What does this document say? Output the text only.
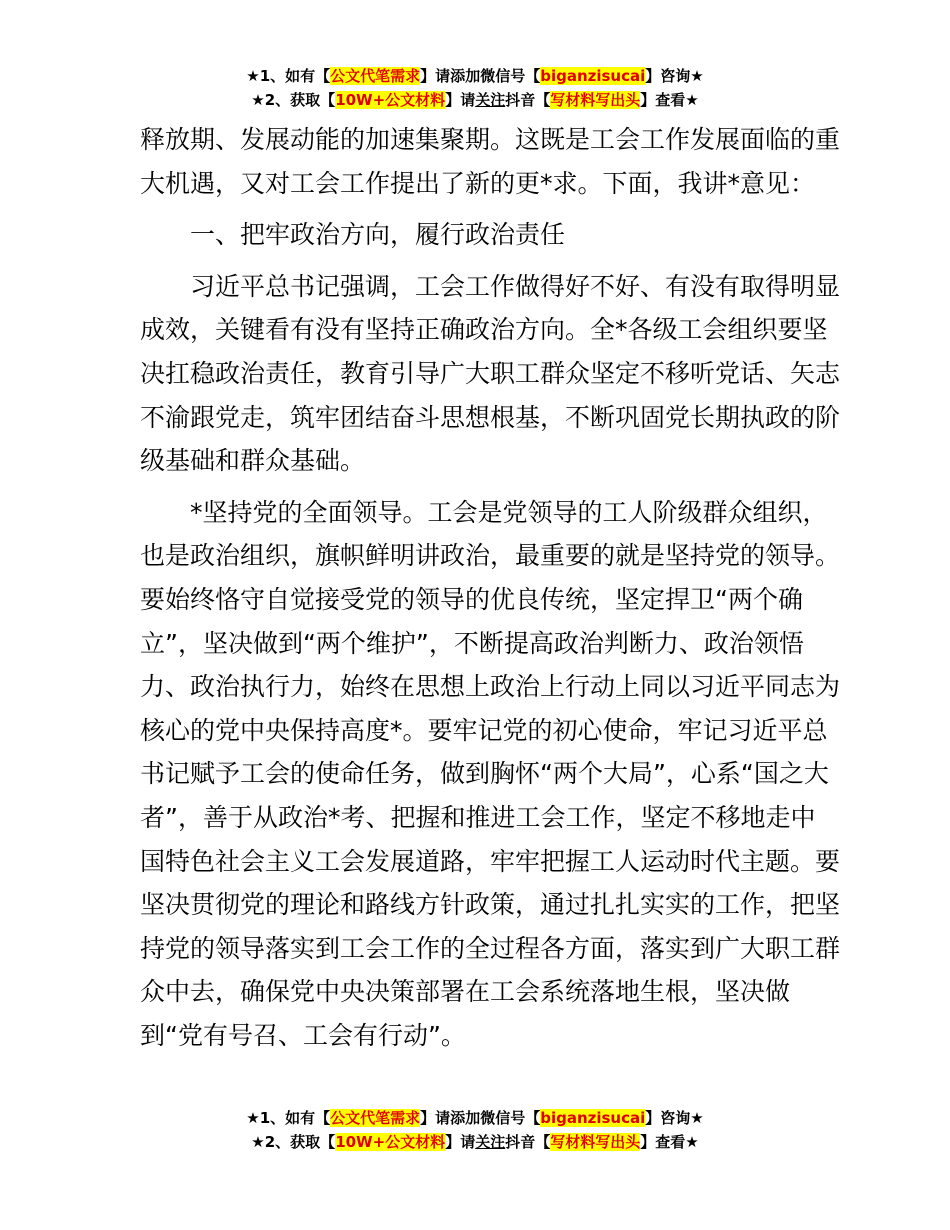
★1、如有【公文代笔需求】请添加微信号【biganzisucai】咨询★
★2、获取【10W+公文材料】请关注抖音【写材料写出头】查看★

释放期、发展动能的加速集聚期。这既是工会工作发展面临的重大机遇，又对工会工作提出了新的更*求。下面，我讲*意见：

一、把牢政治方向，履行政治责任

习近平总书记强调，工会工作做得好不好、有没有取得明显成效，关键看有没有坚持正确政治方向。全*各级工会组织要坚决扛稳政治责任，教育引导广大职工群众坚定不移听党话、矢志不渝跟党走，筑牢团结奋斗思想根基，不断巩固党长期执政的阶级基础和群众基础。

*坚持党的全面领导。工会是党领导的工人阶级群众组织，也是政治组织，旗帜鲜明讲政治，最重要的就是坚持党的领导。要始终恪守自觉接受党的领导的优良传统，坚定捍卫“两个确立”，坚决做到“两个维护”，不断提高政治判断力、政治领悟力、政治执行力，始终在思想上政治上行动上同以习近平同志为核心的党中央保持高度*。要牢记党的初心使命，牢记习近平总书记赋予工会的使命任务，做到胸怀“两个大局”，心系“国之大者”，善于从政治*考、把握和推进工会工作，坚定不移地走中国特色社会主义工会发展道路，牢牢把握工人运动时代主题。要坚决贯彻党的理论和路线方针政策，通过扎扎实实的工作，把坚持党的领导落实到工会工作的全过程各方面，落实到广大职工群众中去，确保党中央决策部署在工会系统落地生根，坚决做到“党有号召、工会有行动”。

★1、如有【公文代笔需求】请添加微信号【biganzisucai】咨询★
★2、获取【10W+公文材料】请关注抖音【写材料写出头】查看★
